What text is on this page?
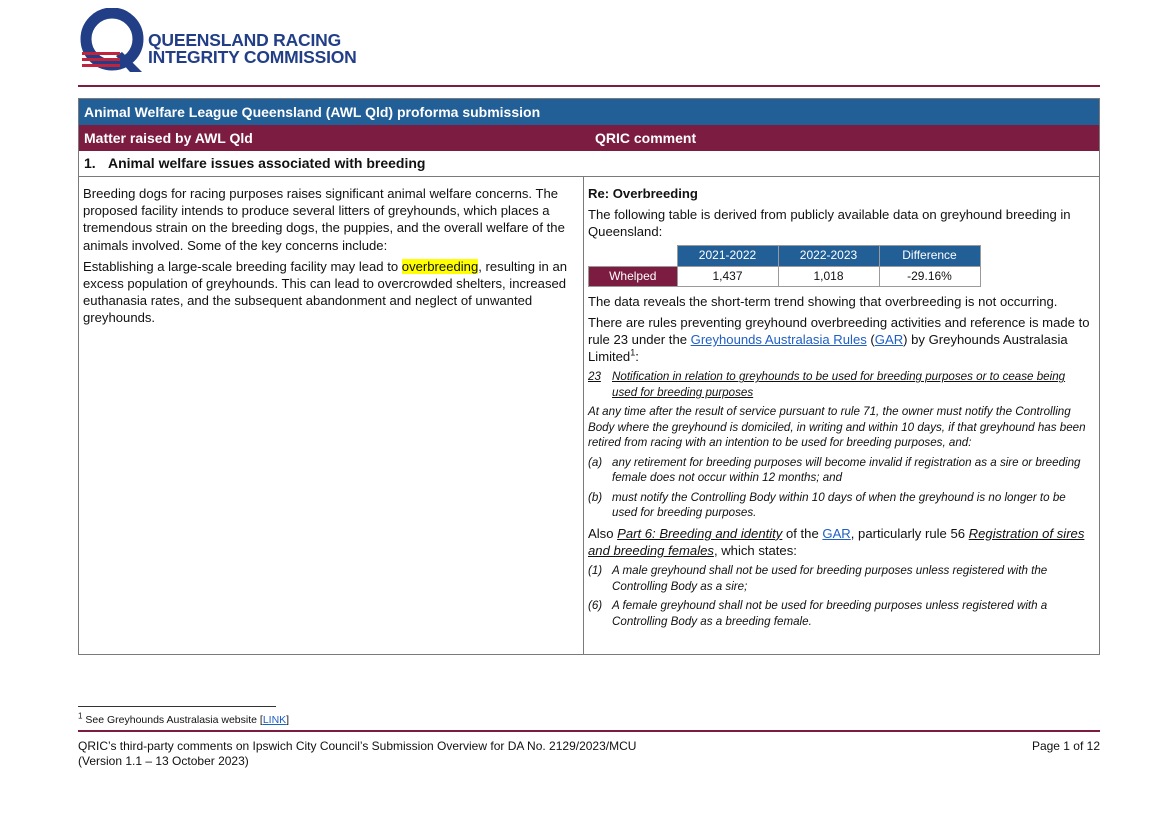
QUEENSLAND RACING
INTEGRITY COMMISSION
Animal Welfare League Queensland (AWL Qld) proforma submission
Matter raised by AWL Qld	QRIC comment
1. Animal welfare issues associated with breeding

Breeding dogs for racing purposes raises significant animal welfare concerns. The proposed facility intends to produce several litters of greyhounds, which places a tremendous strain on the breeding dogs, the puppies, and the overall welfare of the animals involved. Some of the key concerns include:

Establishing a large-scale breeding facility may lead to overbreeding, resulting in an excess population of greyhounds. This can lead to overcrowded shelters, increased euthanasia rates, and the subsequent abandonment and neglect of unwanted greyhounds.

Re: Overbreeding

The following table is derived from publicly available data on greyhound breeding in Queensland:

	2021-2022	2022-2023	Difference
Whelped	1,437	1,018	-29.16%

The data reveals the short-term trend showing that overbreeding is not occurring.

There are rules preventing greyhound overbreeding activities and reference is made to rule 23 under the Greyhounds Australasia Rules (GAR) by Greyhounds Australasia Limited$^1$:

23 Notification in relation to greyhounds to be used for breeding purposes or to cease being used for breeding purposes

At any time after the result of service pursuant to rule 71, the owner must notify the Controlling Body where the greyhound is domiciled, in writing and within 10 days, if that greyhound has been retired from racing with an intention to be used for breeding purposes, and:

(a) any retirement for breeding purposes will become invalid if registration as a sire or breeding female does not occur within 12 months; and
(b) must notify the Controlling Body within 10 days of when the greyhound is no longer to be used for breeding purposes.

Also Part 6: Breeding and identity of the GAR, particularly rule 56 Registration of sires and breeding females, which states:

(1) A male greyhound shall not be used for breeding purposes unless registered with the Controlling Body as a sire;
(6) A female greyhound shall not be used for breeding purposes unless registered with a Controlling Body as a breeding female.
$^1$ See Greyhounds Australasia website [LINK]
QRIC’s third-party comments on Ipswich City Council’s Submission Overview for DA No. 2129/2023/MCU
(Version 1.1 – 13 October 2023)
Page 1 of 12
